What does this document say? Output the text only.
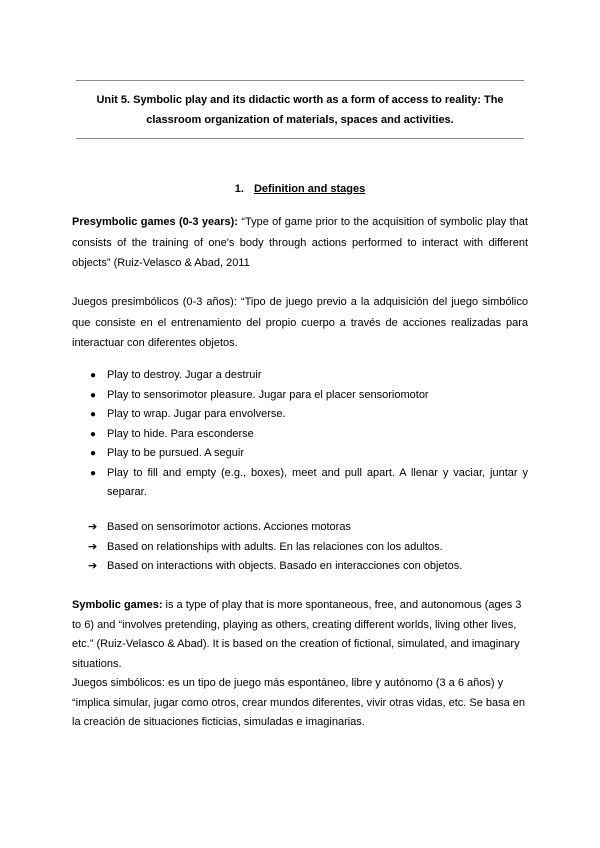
Unit 5. Symbolic play and its didactic worth as a form of access to reality: The classroom organization of materials, spaces and activities.
1. Definition and stages
Presymbolic games (0-3 years): “Type of game prior to the acquisition of symbolic play that consists of the training of one's body through actions performed to interact with different objects” (Ruiz-Velasco & Abad, 2011
Juegos presimbólicos (0-3 años): “Tipo de juego previo a la adquisición del juego simbólico que consiste en el entrenamiento del propio cuerpo a través de acciones realizadas para interactuar con diferentes objetos.
● Play to destroy. Jugar a destruir
● Play to sensorimotor pleasure. Jugar para el placer sensoriomotor
● Play to wrap. Jugar para envolverse.
● Play to hide. Para esconderse
● Play to be pursued. A seguir
● Play to fill and empty (e.g., boxes), meet and pull apart. A llenar y vaciar, juntar y separar.
➔ Based on sensorimotor actions. Acciones motoras
➔ Based on relationships with adults. En las relaciones con los adultos.
➔ Based on interactions with objects. Basado en interacciones con objetos.
Symbolic games: is a type of play that is more spontaneous, free, and autonomous (ages 3 to 6) and “involves pretending, playing as others, creating different worlds, living other lives, etc.” (Ruiz-Velasco & Abad). It is based on the creation of fictional, simulated, and imaginary situations.
Juegos simbólicos: es un tipo de juego más espontáneo, libre y autónomo (3 a 6 años) y “implica simular, jugar como otros, crear mundos diferentes, vivir otras vidas, etc. Se basa en la creación de situaciones ficticias, simuladas e imaginarias.
